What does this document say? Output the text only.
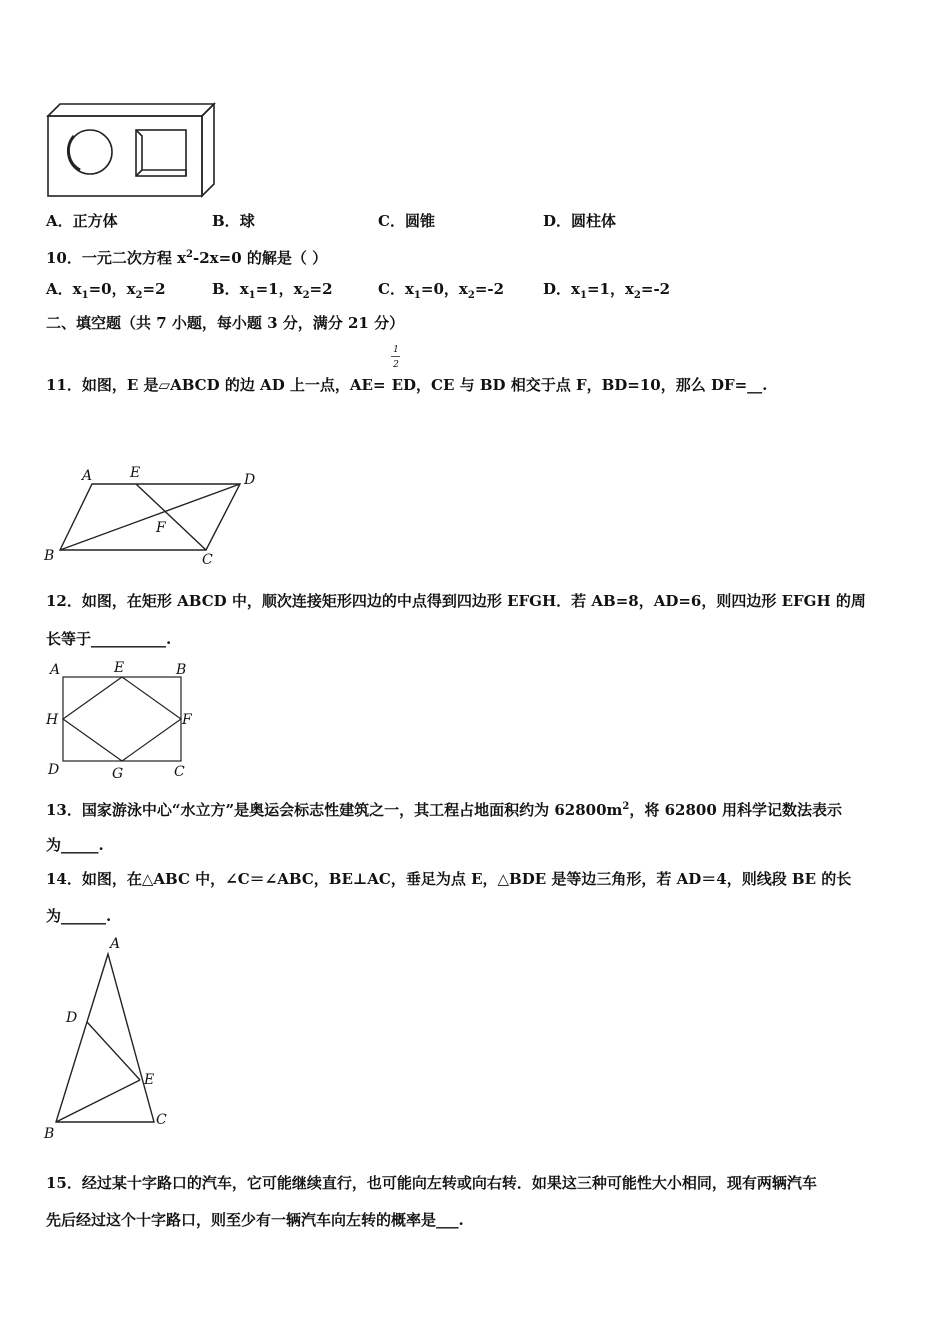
A．正方体	B．球	C．圆锥	D．圆柱体
10．一元二次方程 $x^2-2x=0$ 的解是（ ）
A．$x_1=0$，$x_2=2$	B．$x_1=1$，$x_2=2$	C．$x_1=0$，$x_2=-2$	D．$x_1=1$，$x_2=-2$
二、填空题（共 7 小题，每小题 3 分，满分 21 分）
1
2
11．如图，E 是▱ABCD 的边 AD 上一点，AE= ED，CE 与 BD 相交于点 F，BD=10，那么 DF=__.
A	E	D
F
B	C
12．如图，在矩形 ABCD 中，顺次连接矩形四边的中点得到四边形 EFGH．若 AB=8，AD=6，则四边形 EFGH 的周
长等于__________.
A	E	B
H	F
D	G	C
13．国家游泳中心“水立方”是奥运会标志性建筑之一，其工程占地面积约为 $62800m^2$，将 62800 用科学记数法表示
为_____.
14．如图，在△ABC 中，∠C＝∠ABC，BE⊥AC，垂足为点 E，△BDE 是等边三角形，若 AD＝4，则线段 BE 的长
为______.
A
D
E
B
C
15．经过某十字路口的汽车，它可能继续直行，也可能向左转或向右转．如果这三种可能性大小相同，现有两辆汽车
先后经过这个十字路口，则至少有一辆汽车向左转的概率是___.
